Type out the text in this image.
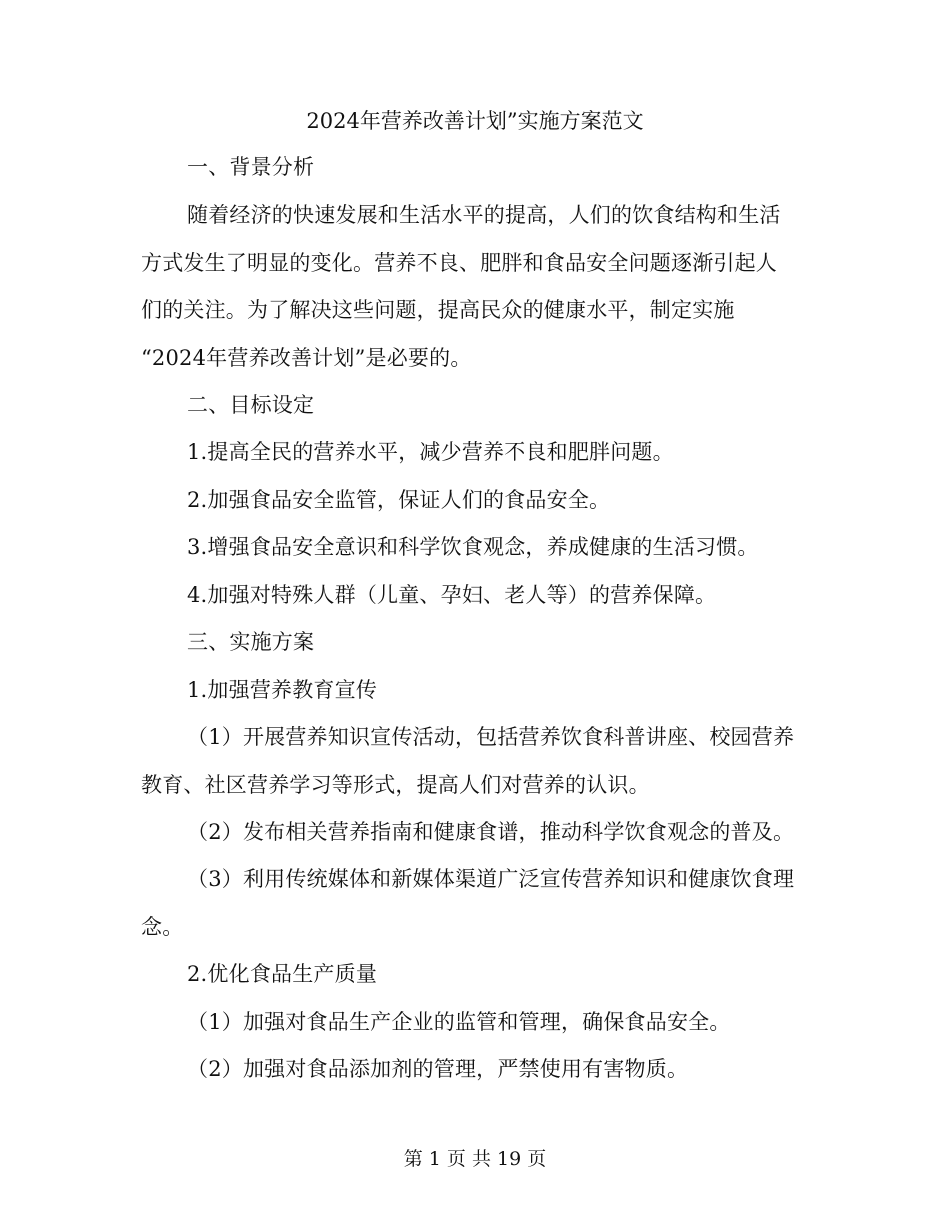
2024年营养改善计划”实施方案范文
一、背景分析
随着经济的快速发展和生活水平的提高，人们的饮食结构和生活
方式发生了明显的变化。营养不良、肥胖和食品安全问题逐渐引起人
们的关注。为了解决这些问题，提高民众的健康水平，制定实施
“2024年营养改善计划”是必要的。
二、目标设定
1.提高全民的营养水平，减少营养不良和肥胖问题。
2.加强食品安全监管，保证人们的食品安全。
3.增强食品安全意识和科学饮食观念，养成健康的生活习惯。
4.加强对特殊人群（儿童、孕妇、老人等）的营养保障。
三、实施方案
1.加强营养教育宣传
（1）开展营养知识宣传活动，包括营养饮食科普讲座、校园营养
教育、社区营养学习等形式，提高人们对营养的认识。
（2）发布相关营养指南和健康食谱，推动科学饮食观念的普及。
（3）利用传统媒体和新媒体渠道广泛宣传营养知识和健康饮食理
念。
2.优化食品生产质量
（1）加强对食品生产企业的监管和管理，确保食品安全。
（2）加强对食品添加剂的管理，严禁使用有害物质。
第 1 页 共 19 页
